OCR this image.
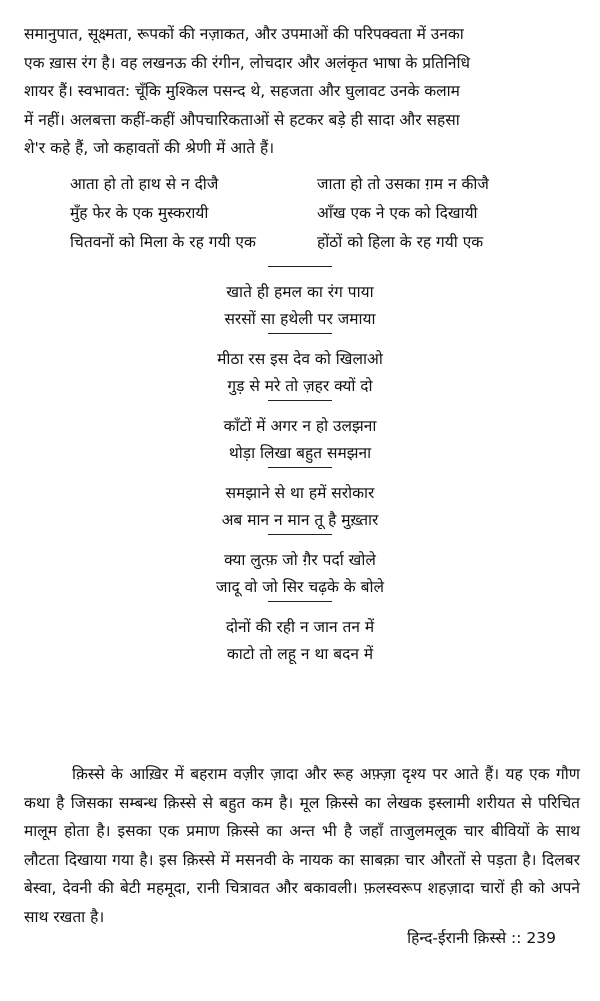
समानुपात, सूक्ष्मता, रूपकों की नज़ाकत, और उपमाओं की परिपक्वता में उनका

एक ख़ास रंग है। वह लखनऊ की रंगीन, लोचदार और अलंकृत भाषा के प्रतिनिधि

शायर हैं। स्वभावत: चूँकि मुश्किल पसन्द थे, सहजता और घुलावट उनके कलाम

में नहीं। अलबत्ता कहीं-कहीं औपचारिकताओं से हटकर बड़े ही सादा और सहसा

शे'र कहे हैं, जो कहावतों की श्रेणी में आते हैं।

आता हो तो हाथ से न दीजै	जाता हो तो उसका ग़म न कीजै
मुँह फेर के एक मुस्करायी	आँख एक ने एक को दिखायी
चितवनों को मिला के रह गयी एक	होंठों को हिला के रह गयी एक
खाते ही हमल का रंग पाया
सरसों सा हथेली पर जमाया
मीठा रस इस देव को खिलाओ
गुड़ से मरे तो ज़हर क्यों दो
काँटों में अगर न हो उलझना
थोड़ा लिखा बहुत समझना
समझाने से था हमें सरोकार
अब मान न मान तू है मुख़्तार
क्या लुत्फ़ जो ग़ैर पर्दा खोले
जादू वो जो सिर चढ़के के बोले
दोनों की रही न जान तन में
काटो तो लहू न था बदन में

क़िस्से के आख़िर में बहराम वज़ीर ज़ादा और रूह अफ़्ज़ा दृश्य पर आते हैं। यह एक गौण कथा है जिसका सम्बन्ध क़िस्से से बहुत कम है। मूल क़िस्से का लेखक इस्लामी शरीयत से परिचित मालूम होता है। इसका एक प्रमाण क़िस्से का अन्त भी है जहाँ ताजुलमलूक चार बीवियों के साथ लौटता दिखाया गया है। इस क़िस्से में मसनवी के नायक का साबक़ा चार औरतों से पड़ता है। दिलबर बेस्वा, देवनी की बेटी महमूदा, रानी चित्रावत और बकावली। फ़लस्वरूप शहज़ादा चारों ही को अपने साथ रखता है।

हिन्द-ईरानी क़िस्से :: 239
